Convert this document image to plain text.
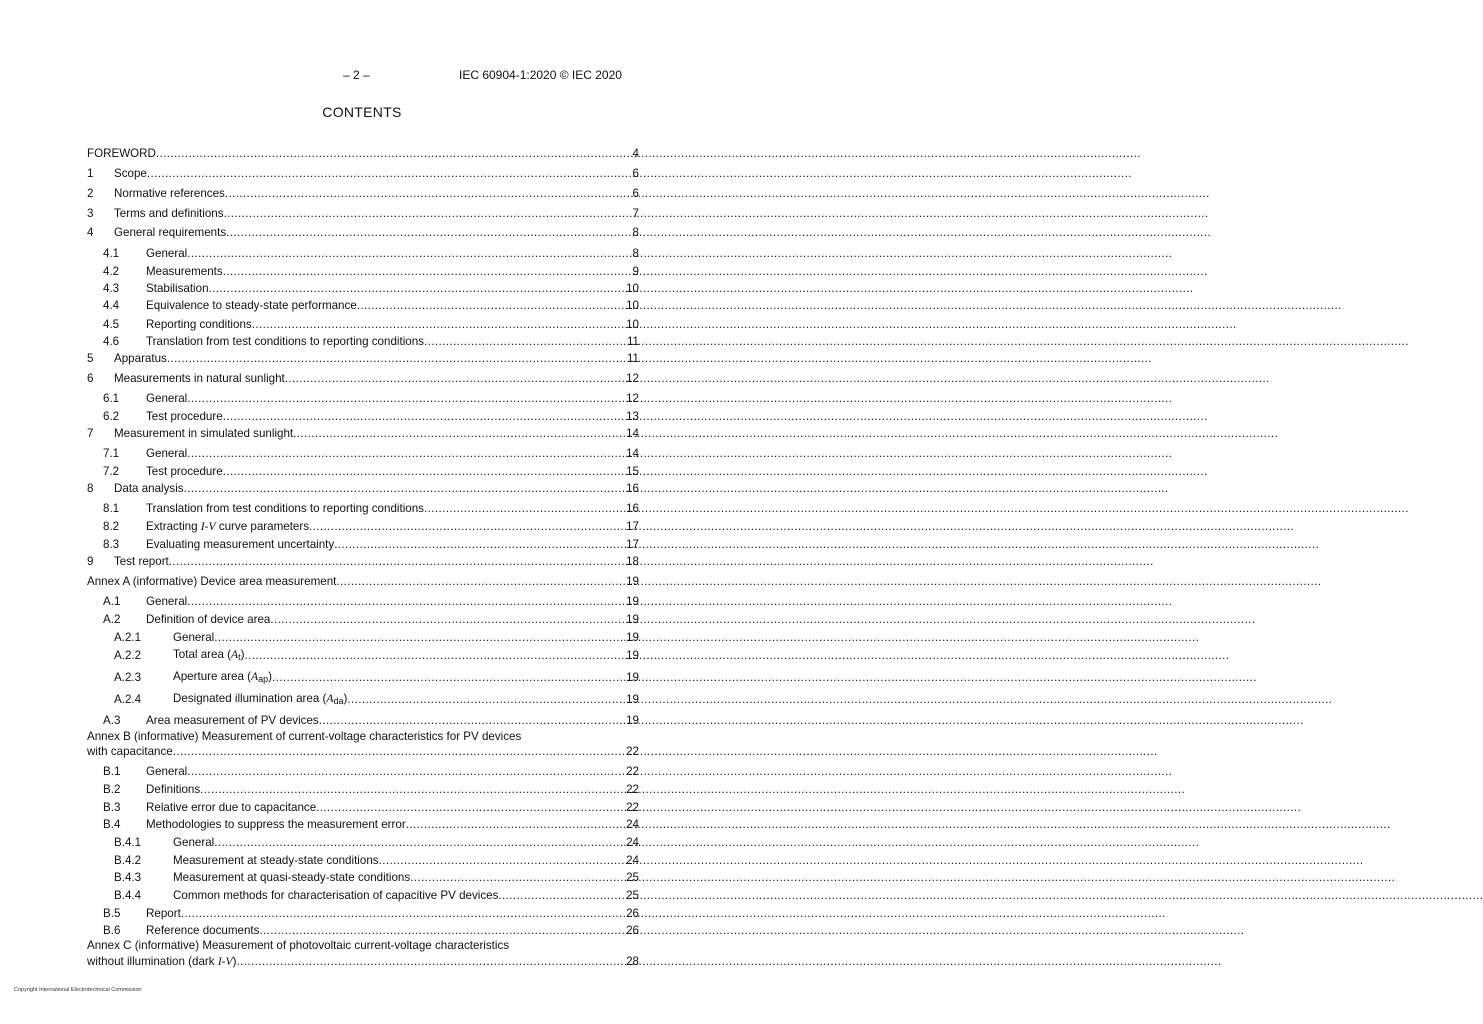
– 2 –	IEC 60904-1:2020 © IEC 2020
CONTENTS
FOREWORD .....	4
1	Scope .....	6
2	Normative references .....	6
3	Terms and definitions .....	7
4	General requirements .....	8
4.1	General .....	8
4.2	Measurements .....	9
4.3	Stabilisation .....	10
4.4	Equivalence to steady-state performance .....	10
4.5	Reporting conditions .....	10
4.6	Translation from test conditions to reporting conditions .....	11
5	Apparatus .....	11
6	Measurements in natural sunlight .....	12
6.1	General .....	12
6.2	Test procedure .....	13
7	Measurement in simulated sunlight .....	14
7.1	General .....	14
7.2	Test procedure .....	15
8	Data analysis .....	16
8.1	Translation from test conditions to reporting conditions .....	16
8.2	Extracting I-V curve parameters .....	17
8.3	Evaluating measurement uncertainty .....	17
9	Test report .....	18
Annex A (informative) Device area measurement .....	19
A.1	General .....	19
A.2	Definition of device area .....	19
A.2.1	General .....	19
A.2.2	Total area $(A_t)$ .....	19
A.2.3	Aperture area $(A_{ap})$ .....	19
A.2.4	Designated illumination area $(A_{da})$ .....	19
A.3	Area measurement of PV devices .....	19
Annex B (informative) Measurement of current-voltage characteristics for PV devices
with capacitance .....	22
B.1	General .....	22
B.2	Definitions .....	22
B.3	Relative error due to capacitance .....	22
B.4	Methodologies to suppress the measurement error .....	24
B.4.1	General .....	24
B.4.2	Measurement at steady-state conditions .....	24
B.4.3	Measurement at quasi-steady-state conditions .....	25
B.4.4	Common methods for characterisation of capacitive PV devices .....	25
B.5	Report .....	26
B.6	Reference documents .....	26
Annex C (informative) Measurement of photovoltaic current-voltage characteristics
without illumination (dark I-V) .....	28
Copyright International Electrotechnical Commission
